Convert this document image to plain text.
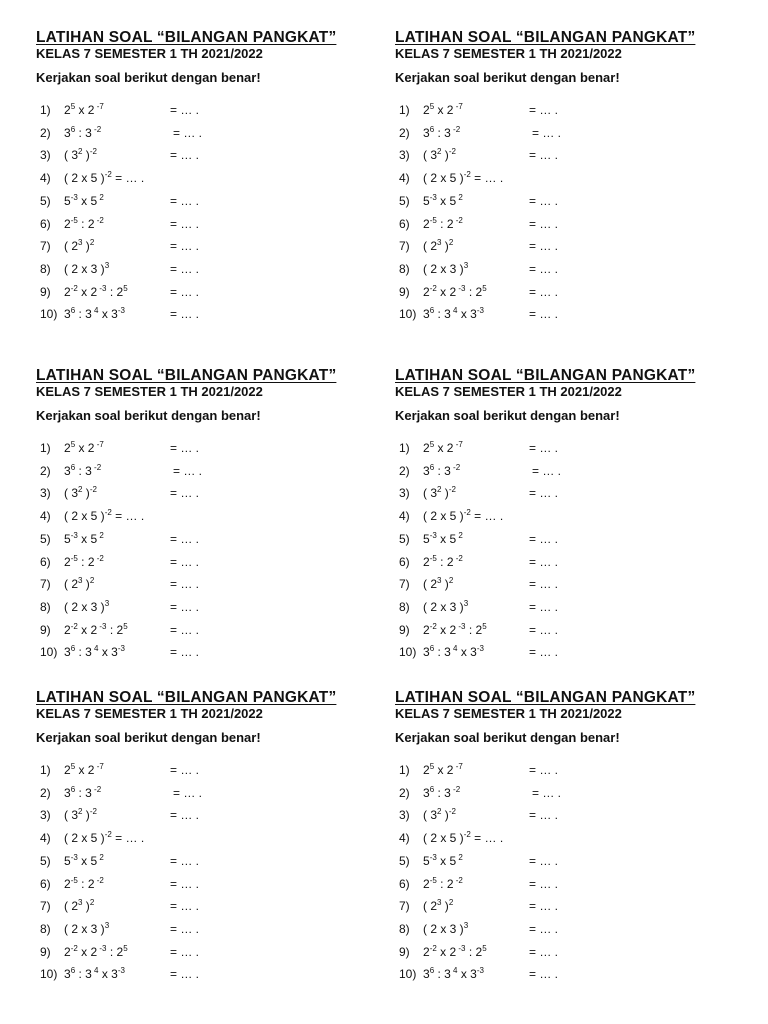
LATIHAN SOAL “BILANGAN PANGKAT”
KELAS 7 SEMESTER 1 TH 2021/2022
Kerjakan soal berikut dengan benar!
1) $2^5$ x 2 $^{-7}$	= … .
2) $3^6$ : 3 $^{-2}$	= … .
3) ( $3^2$ )$^{-2}$	= … .
4) ( 2 x 5 )$^{-2}$ = … .
5) $5^{-3}$ x 5 $^2$	= … .
6) $2^{-5}$ : 2 $^{-2}$	= … .
7) ( $2^3$ )$^2$	= … .
8) ( 2 x 3 )$^3$	= … .
9) $2^{-2}$ x 2 $^{-3}$ : $2^5$	= … .
10) $3^6$ : 3 $^4$ x $3^{-3}$	= … .
LATIHAN SOAL “BILANGAN PANGKAT”
KELAS 7 SEMESTER 1 TH 2021/2022
Kerjakan soal berikut dengan benar!
1) $2^5$ x 2 $^{-7}$	= … .
2) $3^6$ : 3 $^{-2}$	= … .
3) ( $3^2$ )$^{-2}$	= … .
4) ( 2 x 5 )$^{-2}$ = … .
5) $5^{-3}$ x 5 $^2$	= … .
6) $2^{-5}$ : 2 $^{-2}$	= … .
7) ( $2^3$ )$^2$	= … .
8) ( 2 x 3 )$^3$	= … .
9) $2^{-2}$ x 2 $^{-3}$ : $2^5$	= … .
10) $3^6$ : 3 $^4$ x $3^{-3}$	= … .
LATIHAN SOAL “BILANGAN PANGKAT”
KELAS 7 SEMESTER 1 TH 2021/2022
Kerjakan soal berikut dengan benar!
1) $2^5$ x 2 $^{-7}$	= … .
2) $3^6$ : 3 $^{-2}$	= … .
3) ( $3^2$ )$^{-2}$	= … .
4) ( 2 x 5 )$^{-2}$ = … .
5) $5^{-3}$ x 5 $^2$	= … .
6) $2^{-5}$ : 2 $^{-2}$	= … .
7) ( $2^3$ )$^2$	= … .
8) ( 2 x 3 )$^3$	= … .
9) $2^{-2}$ x 2 $^{-3}$ : $2^5$	= … .
10) $3^6$ : 3 $^4$ x $3^{-3}$	= … .
LATIHAN SOAL “BILANGAN PANGKAT”
KELAS 7 SEMESTER 1 TH 2021/2022
Kerjakan soal berikut dengan benar!
1) $2^5$ x 2 $^{-7}$	= … .
2) $3^6$ : 3 $^{-2}$	= … .
3) ( $3^2$ )$^{-2}$	= … .
4) ( 2 x 5 )$^{-2}$ = … .
5) $5^{-3}$ x 5 $^2$	= … .
6) $2^{-5}$ : 2 $^{-2}$	= … .
7) ( $2^3$ )$^2$	= … .
8) ( 2 x 3 )$^3$	= … .
9) $2^{-2}$ x 2 $^{-3}$ : $2^5$	= … .
10) $3^6$ : 3 $^4$ x $3^{-3}$	= … .
LATIHAN SOAL “BILANGAN PANGKAT”
KELAS 7 SEMESTER 1 TH 2021/2022
Kerjakan soal berikut dengan benar!
1) $2^5$ x 2 $^{-7}$	= … .
2) $3^6$ : 3 $^{-2}$	= … .
3) ( $3^2$ )$^{-2}$	= … .
4) ( 2 x 5 )$^{-2}$ = … .
5) $5^{-3}$ x 5 $^2$	= … .
6) $2^{-5}$ : 2 $^{-2}$	= … .
7) ( $2^3$ )$^2$	= … .
8) ( 2 x 3 )$^3$	= … .
9) $2^{-2}$ x 2 $^{-3}$ : $2^5$	= … .
10) $3^6$ : 3 $^4$ x $3^{-3}$	= … .
LATIHAN SOAL “BILANGAN PANGKAT”
KELAS 7 SEMESTER 1 TH 2021/2022
Kerjakan soal berikut dengan benar!
1) $2^5$ x 2 $^{-7}$	= … .
2) $3^6$ : 3 $^{-2}$	= … .
3) ( $3^2$ )$^{-2}$	= … .
4) ( 2 x 5 )$^{-2}$ = … .
5) $5^{-3}$ x 5 $^2$	= … .
6) $2^{-5}$ : 2 $^{-2}$	= … .
7) ( $2^3$ )$^2$	= … .
8) ( 2 x 3 )$^3$	= … .
9) $2^{-2}$ x 2 $^{-3}$ : $2^5$	= … .
10) $3^6$ : 3 $^4$ x $3^{-3}$	= … .
